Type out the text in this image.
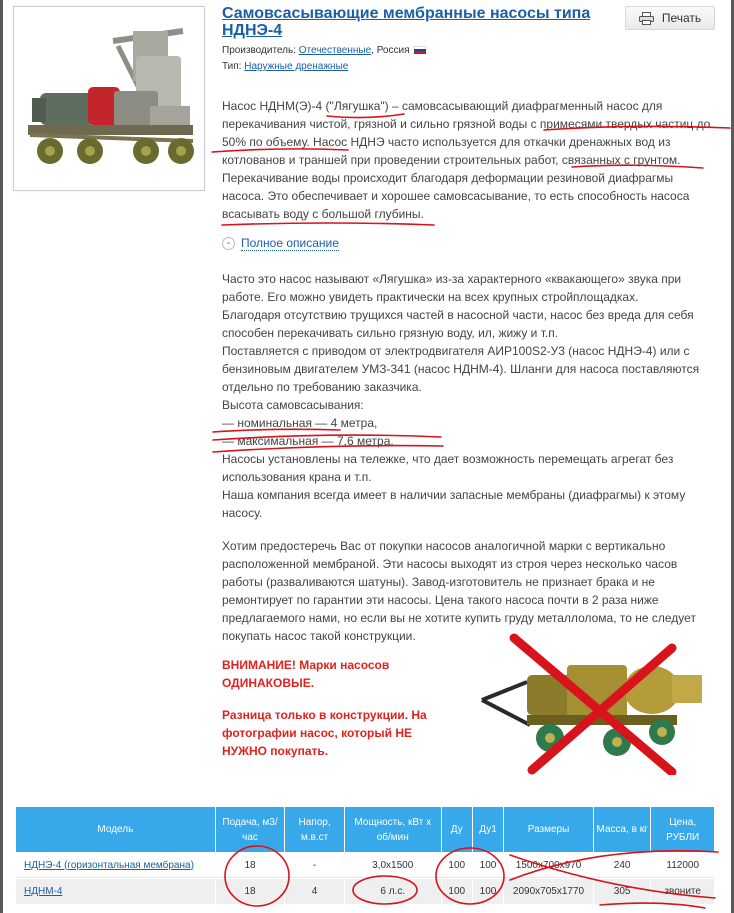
Самовсасывающие мембранные насосы типа НДНЭ-4
Печать
Производитель: Отечественные, Россия
Тип: Наружные дренажные
Насос НДНМ(Э)-4 ("Лягушка") – самовсасывающий диафрагменный насос для перекачивания чистой, грязной и сильно грязной воды с примесями твердых частиц до 50% по объему. Насос НДНЭ часто используется для откачки дренажных вод из котлованов и траншей при проведении строительных работ, связанных с грунтом. Перекачивание воды происходит благодаря деформации резиновой диафрагмы насоса. Это обеспечивает и хорошее самовсасывание, то есть способность насоса всасывать воду с большой глубины.
- Полное описание
Часто это насос называют «Лягушка» из-за характерного «квакающего» звука при работе. Его можно увидеть практически на всех крупных стройплощадках.
Благодаря отсутствию трущихся частей в насосной части, насос без вреда для себя способен перекачивать сильно грязную воду, ил, жижу и т.п.
Поставляется с приводом от электродвигателя АИР100S2-У3 (насос НДНЭ-4) или с бензиновым двигателем УМЗ-341 (насос НДНМ-4). Шланги для насоса поставляются отдельно по требованию заказчика.
Высота самовсасывания:
— номинальная — 4 метра,
— максимальная — 7,6 метра.
Насосы установлены на тележке, что дает возможность перемещать агрегат без использования крана и т.п.
Наша компания всегда имеет в наличии запасные мембраны (диафрагмы) к этому насосу.
Хотим предостеречь Вас от покупки насосов аналогичной марки с вертикально расположенной мембраной. Эти насосы выходят из строя через несколько часов работы (разваливаются шатуны). Завод-изготовитель не признает брака и не ремонтирует по гарантии эти насосы. Цена такого насоса почти в 2 раза ниже предлагаемого нами, но если вы не хотите купить груду металлолома, то не следует покупать насос такой конструкции.
ВНИМАНИЕ! Марки насосов ОДИНАКОВЫЕ.
Разница только в конструкции. На фотографии насос, который НЕ НУЖНО покупать.
Модель	Подача, м3/час	Напор, м.в.ст	Мощность, кВт х об/мин	Ду	Ду1	Размеры	Масса, в кг	Цена, РУБЛИ
НДНЭ-4 (горизонтальная мембрана)	18	-	3,0x1500	100	100	1500x700x970	240	112000
НДНМ-4	18	4	6 л.с.	100	100	2090x705x1770	305	звоните
